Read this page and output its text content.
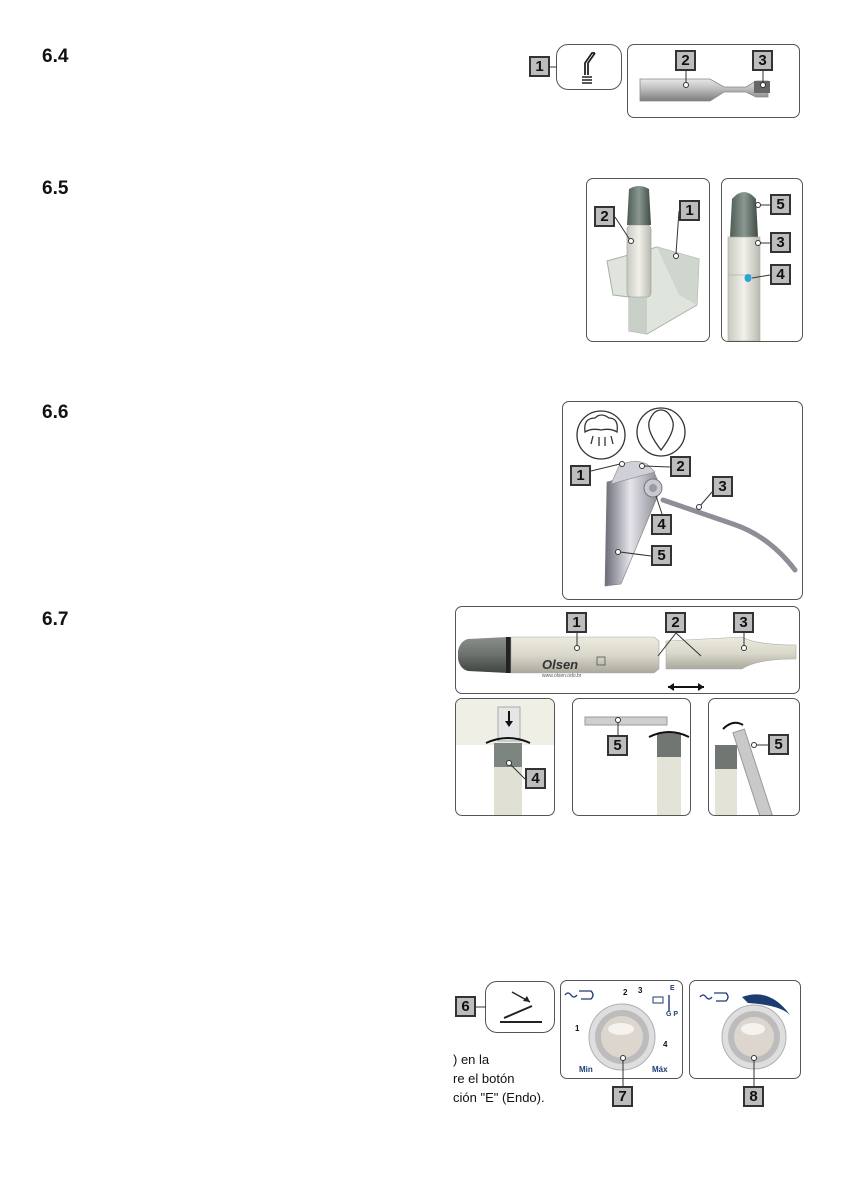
6.4
6.5
6.6
6.7
1	2	3
2	1	5
3
4
1
2
3
4
5
Olsen
www.olsen.odo.br
1	2	3
4
5	5
2 3
1
4
Min	Máx
E
G P
6
7	8
) en la
re el botón
ción "E" (Endo).
